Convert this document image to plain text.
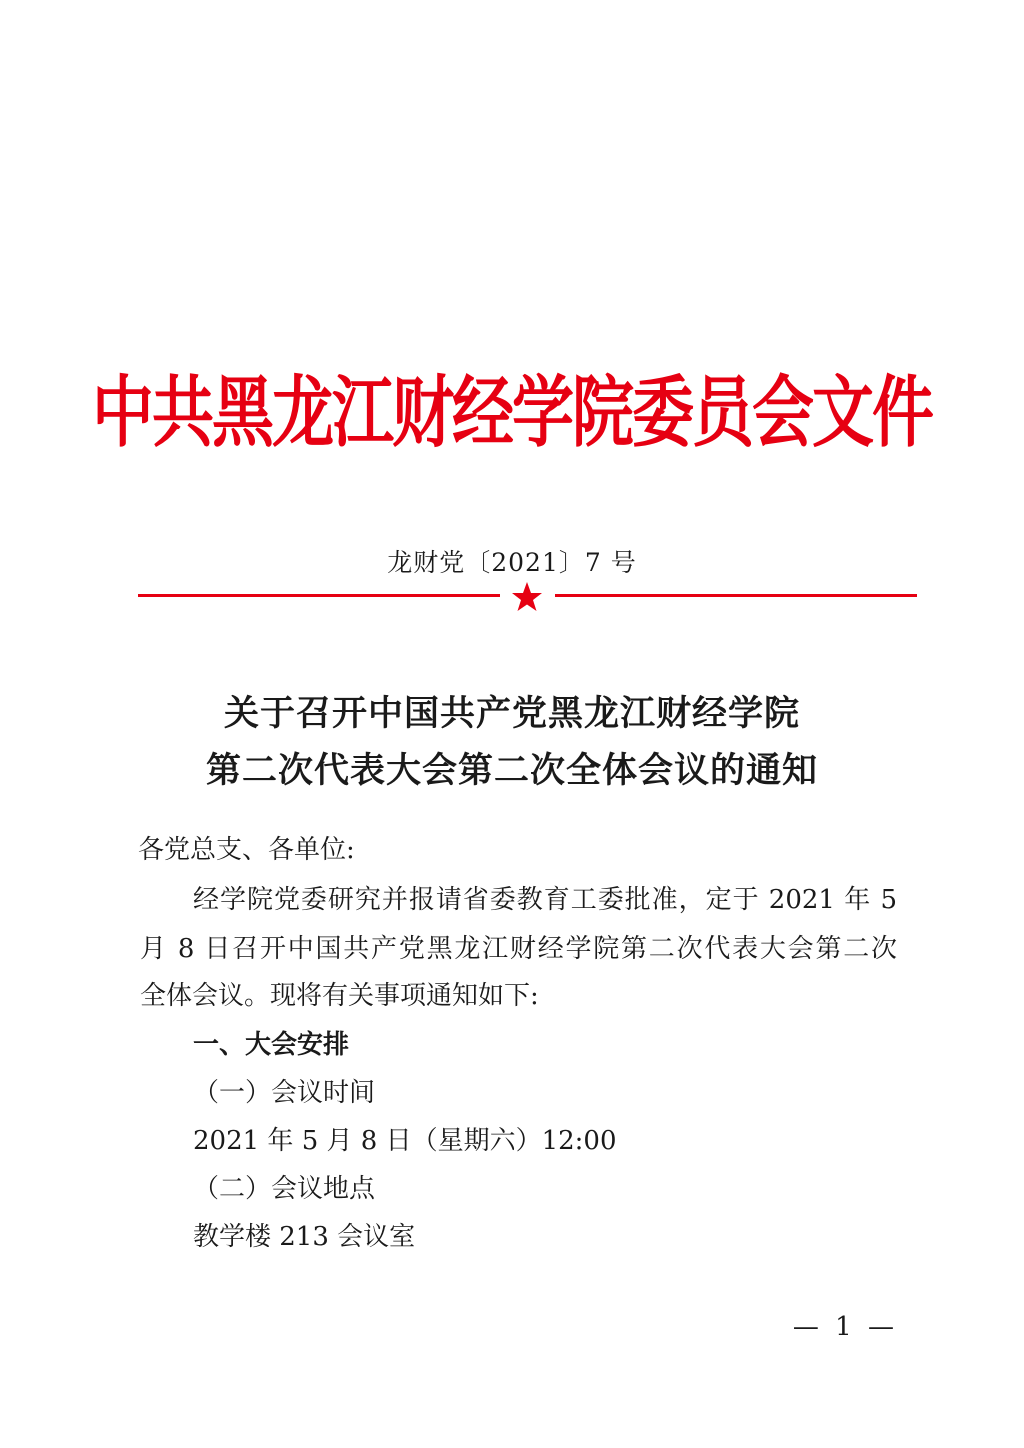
中共黑龙江财经学院委员会文件
龙财党〔2021〕7 号
关于召开中国共产党黑龙江财经学院
第二次代表大会第二次全体会议的通知
各党总支、各单位:
经学院党委研究并报请省委教育工委批准，定于 2021 年 5
月 8 日召开中国共产党黑龙江财经学院第二次代表大会第二次
全体会议。现将有关事项通知如下:
一、大会安排
（一）会议时间
2021 年 5 月 8 日（星期六）12:00
（二）会议地点
教学楼 213 会议室
— 1 —
